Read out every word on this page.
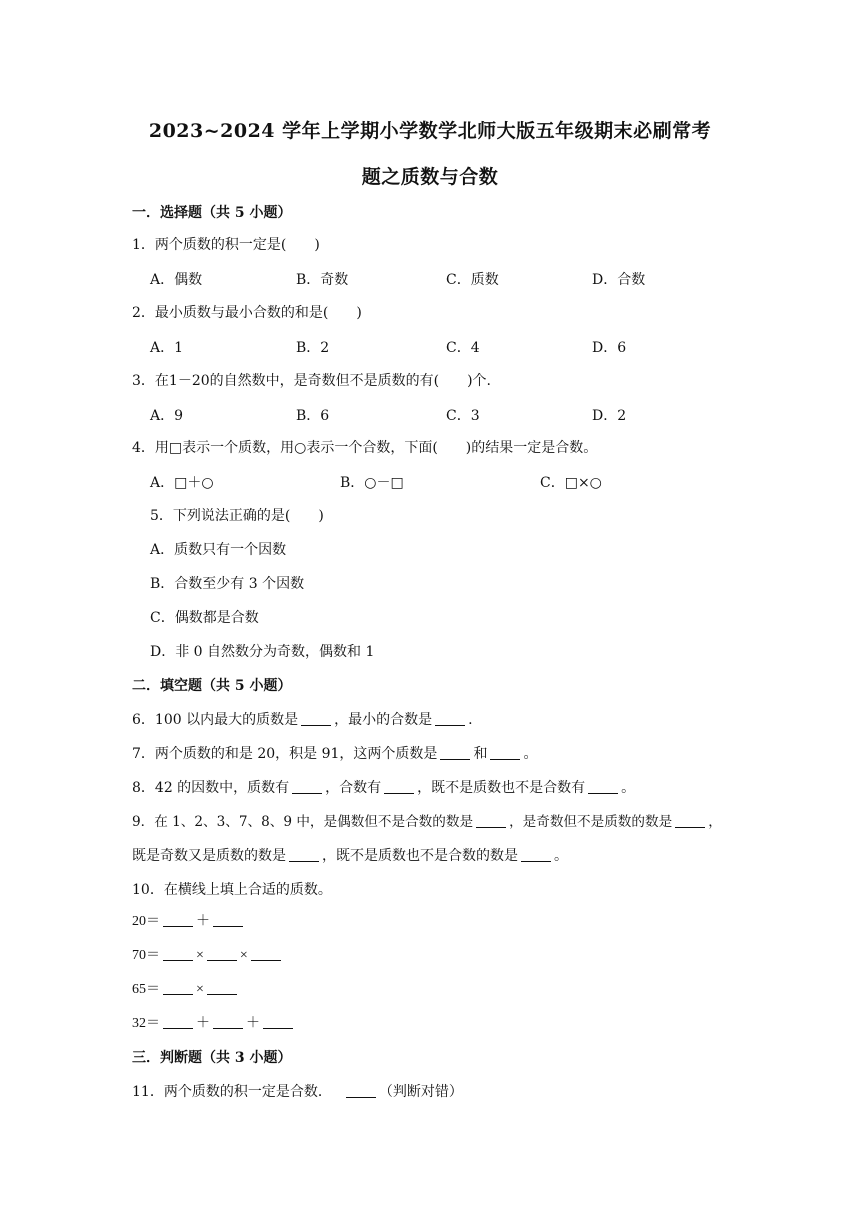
2023~2024 学年上学期小学数学北师大版五年级期末必刷常考
题之质数与合数
一．选择题（共 5 小题）
1．两个质数的积一定是(　　)
A．偶数	B．奇数	C．质数	D．合数
2．最小质数与最小合数的和是(　　)
A．1	B．2	C．4	D．6
3．在1－20的自然数中，是奇数但不是质数的有(　　)个.
A．9	B．6	C．3	D．2
4．用□表示一个质数，用○表示一个合数，下面(　　)的结果一定是合数。
A．□＋○	B．○－□	C．□×○
5．下列说法正确的是(　　)
A．质数只有一个因数
B．合数至少有 3 个因数
C．偶数都是合数
D．非 0 自然数分为奇数，偶数和 1
二．填空题（共 5 小题）
6．100 以内最大的质数是	，最小的合数是	.
7．两个质数的和是 20，积是 91，这两个质数是	和	。
8．42 的因数中，质数有	，合数有	，既不是质数也不是合数有	。
9．在 1、2、3、7、8、9 中，是偶数但不是合数的数是	，是奇数但不是质数的数是	，
既是奇数又是质数的数是	，既不是质数也不是合数的数是	。
10．在横线上填上合适的质数。
20＝	＋
70＝	×	×
65＝	×
32＝	＋	＋
三．判断题（共 3 小题）
11．两个质数的积一定是合数．	（判断对错）
